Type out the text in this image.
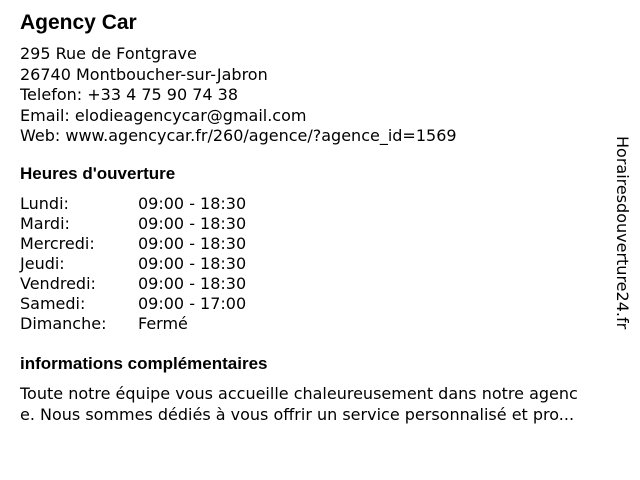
Agency Car
295 Rue de Fontgrave
26740 Montboucher-sur-Jabron
Telefon: +33 4 75 90 74 38
Email: elodieagencycar@gmail.com
Web: www.agencycar.fr/260/agence/?agence_id=1569
Heures d'ouverture
Lundi:	09:00 - 18:30
Mardi:	09:00 - 18:30
Mercredi:	09:00 - 18:30
Jeudi:	09:00 - 18:30
Vendredi:	09:00 - 18:30
Samedi:	09:00 - 17:00
Dimanche:	Fermé
informations complémentaires
Toute notre équipe vous accueille chaleureusement dans notre agenc
e. Nous sommes dédiés à vous offrir un service personnalisé et pro...
Horairesdouverture24.fr
